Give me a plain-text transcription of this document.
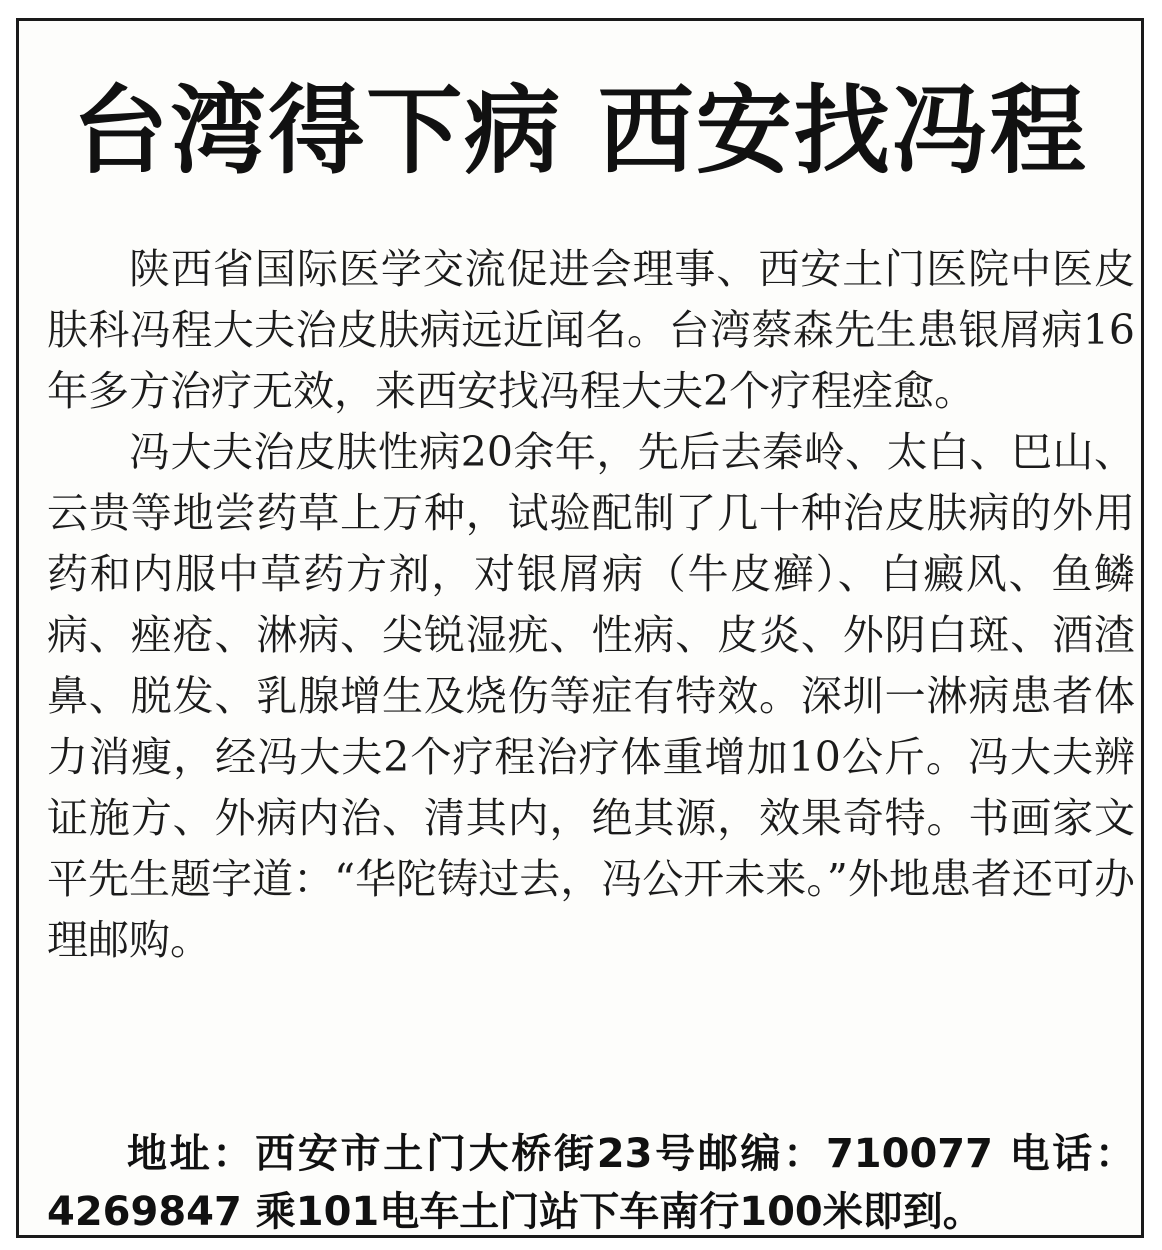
台湾得下病 西安找冯程

陕西省国际医学交流促进会理事、西安土门医院中医皮肤科冯程大夫治皮肤病远近闻名。台湾蔡森先生患银屑病16年多方治疗无效，来西安找冯程大夫2个疗程痊愈。

冯大夫治皮肤性病20余年，先后去秦岭、太白、巴山、云贵等地尝药草上万种，试验配制了几十种治皮肤病的外用药和内服中草药方剂，对银屑病（牛皮癣）、白癜风、鱼鳞病、痤疮、淋病、尖锐湿疣、性病、皮炎、外阴白斑、酒渣鼻、脱发、乳腺增生及烧伤等症有特效。深圳一淋病患者体力消瘦，经冯大夫2个疗程治疗体重增加10公斤。冯大夫辨证施方、外病内治、清其内，绝其源，效果奇特。书画家文平先生题字道：“华陀铸过去，冯公开未来。”外地患者还可办理邮购。

地址：西安市土门大桥街23号邮编：710077 电话：4269847 乘101电车土门站下车南行100米即到。
